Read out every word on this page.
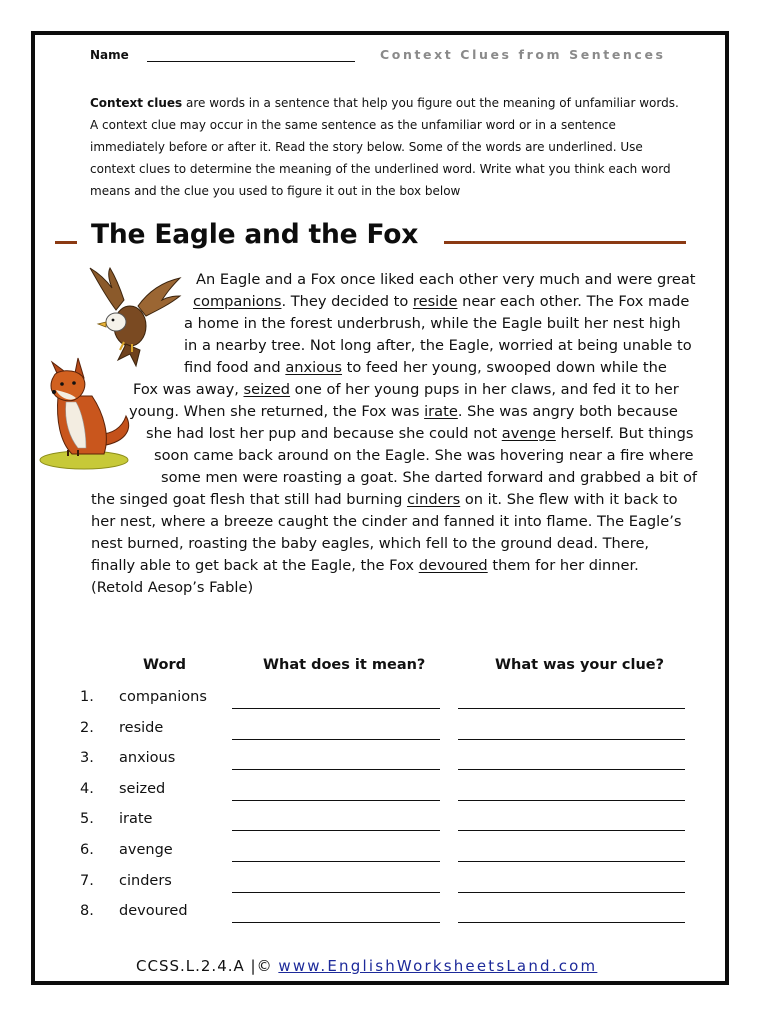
Name	Context Clues from Sentences
Context clues are words in a sentence that help you figure out the meaning of unfamiliar words. A context clue may occur in the same sentence as the unfamiliar word or in a sentence immediately before or after it. Read the story below. Some of the words are underlined. Use context clues to determine the meaning of the underlined word. Write what you think each word means and the clue you used to figure it out in the box below
The Eagle and the Fox
An Eagle and a Fox once liked each other very much and were great
companions. They decided to reside near each other. The Fox made
a home in the forest underbrush, while the Eagle built her nest high
in a nearby tree. Not long after, the Eagle, worried at being unable to
find food and anxious to feed her young, swooped down while the
Fox was away, seized one of her young pups in her claws, and fed it to her
young. When she returned, the Fox was irate. She was angry both because
she had lost her pup and because she could not avenge herself. But things
soon came back around on the Eagle. She was hovering near a fire where
some men were roasting a goat. She darted forward and grabbed a bit of
the singed goat flesh that still had burning cinders on it. She flew with it back to
her nest, where a breeze caught the cinder and fanned it into flame. The Eagle’s
nest burned, roasting the baby eagles, which fell to the ground dead. There,
finally able to get back at the Eagle, the Fox devoured them for her dinner.
(Retold Aesop’s Fable)
Word	What does it mean?	What was your clue?
1. companions
2. reside
3. anxious
4. seized
5. irate
6. avenge
7. cinders
8. devoured
CCSS.L.2.4.A |© www.EnglishWorksheetsLand.com
